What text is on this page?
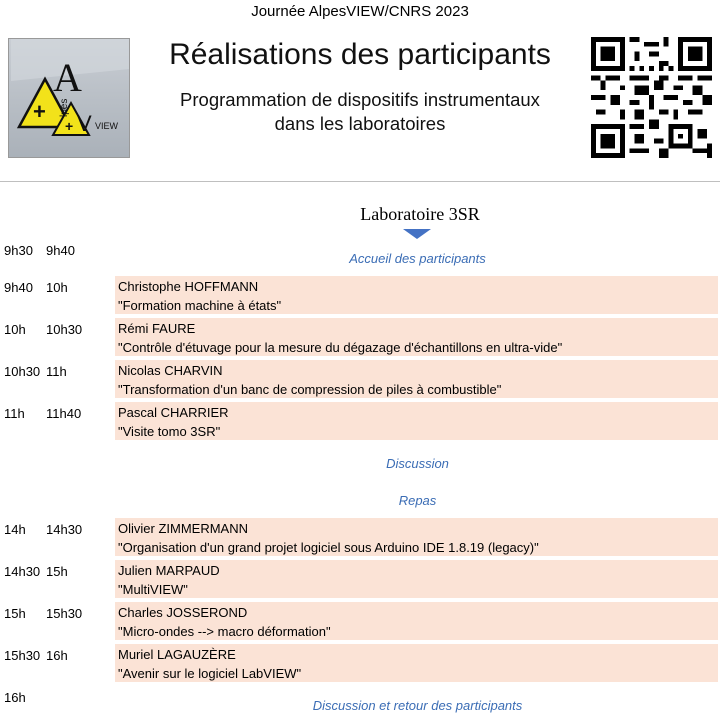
Journée AlpesVIEW/CNRS 2023
+
+
A
lpes
V VIEW
Réalisations des participants
Programmation de dispositifs instrumentaux
dans les laboratoires
Laboratoire 3SR
9h30 9h40
Accueil des participants
9h40 10h	Christophe HOFFMANN
"Formation machine à états"
10h 10h30	Rémi FAURE
"Contrôle d'étuvage pour la mesure du dégazage d'échantillons en ultra-vide"
10h30 11h	Nicolas CHARVIN
"Transformation d'un banc de compression de piles à combustible"
11h 11h40	Pascal CHARRIER
"Visite tomo 3SR"
Discussion
Repas
14h 14h30	Olivier ZIMMERMANN
"Organisation d'un grand projet logiciel sous Arduino IDE 1.8.19 (legacy)"
14h30 15h	Julien MARPAUD
"MultiVIEW"
15h 15h30	Charles JOSSEROND
"Micro-ondes --> macro déformation"
15h30 16h	Muriel LAGAUZÈRE
"Avenir sur le logiciel LabVIEW"
16h
Discussion et retour des participants
